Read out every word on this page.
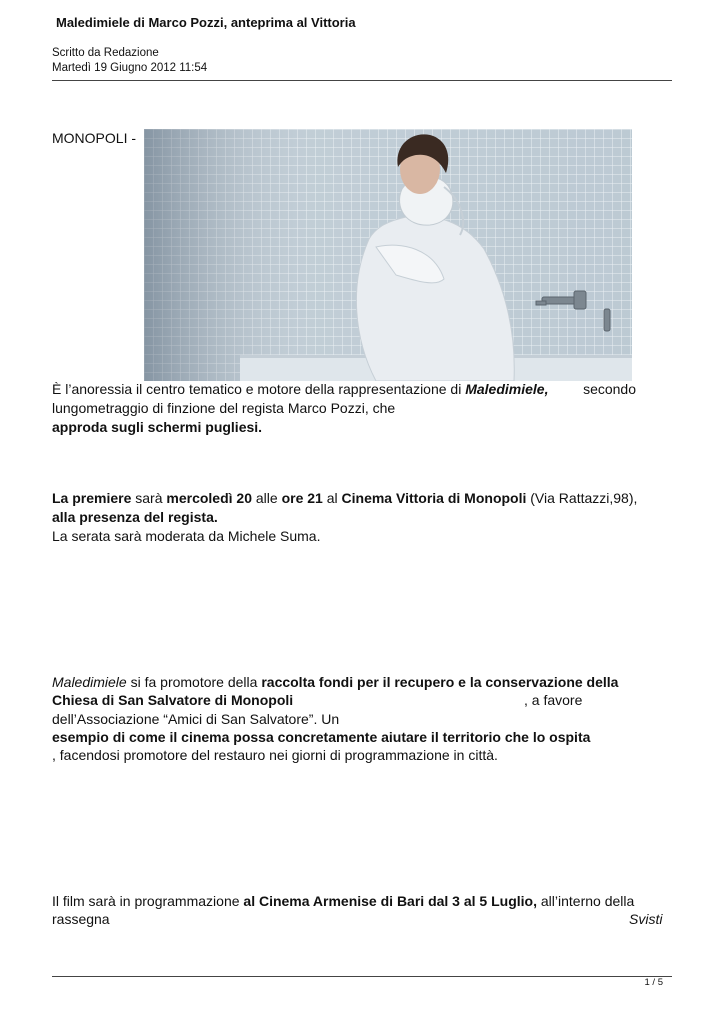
Maledimiele di Marco Pozzi, anteprima al Vittoria
Scritto da Redazione
Martedì 19 Giugno 2012 11:54
MONOPOLI -
È l’anoressia il centro tematico e motore della rappresentazione di Maledimiele, secondo
lungometraggio di finzione del regista Marco Pozzi, che
approda sugli schermi pugliesi.
La premiere sarà mercoledì 20 alle ore 21 al Cinema Vittoria di Monopoli (Via Rattazzi,98),
alla presenza del regista.
La serata sarà moderata da Michele Suma.
Maledimiele si fa promotore della raccolta fondi per il recupero e la conservazione della
Chiesa di San Salvatore di Monopoli	, a favore
dell’Associazione “Amici di San Salvatore”. Un
esempio di come il cinema possa concretamente aiutare il territorio che lo ospita
, facendosi promotore del restauro nei giorni di programmazione in città.
Il film sarà in programmazione al Cinema Armenise di Bari dal 3 al 5 Luglio, all’interno della
rassegna	Svisti
1 / 5
